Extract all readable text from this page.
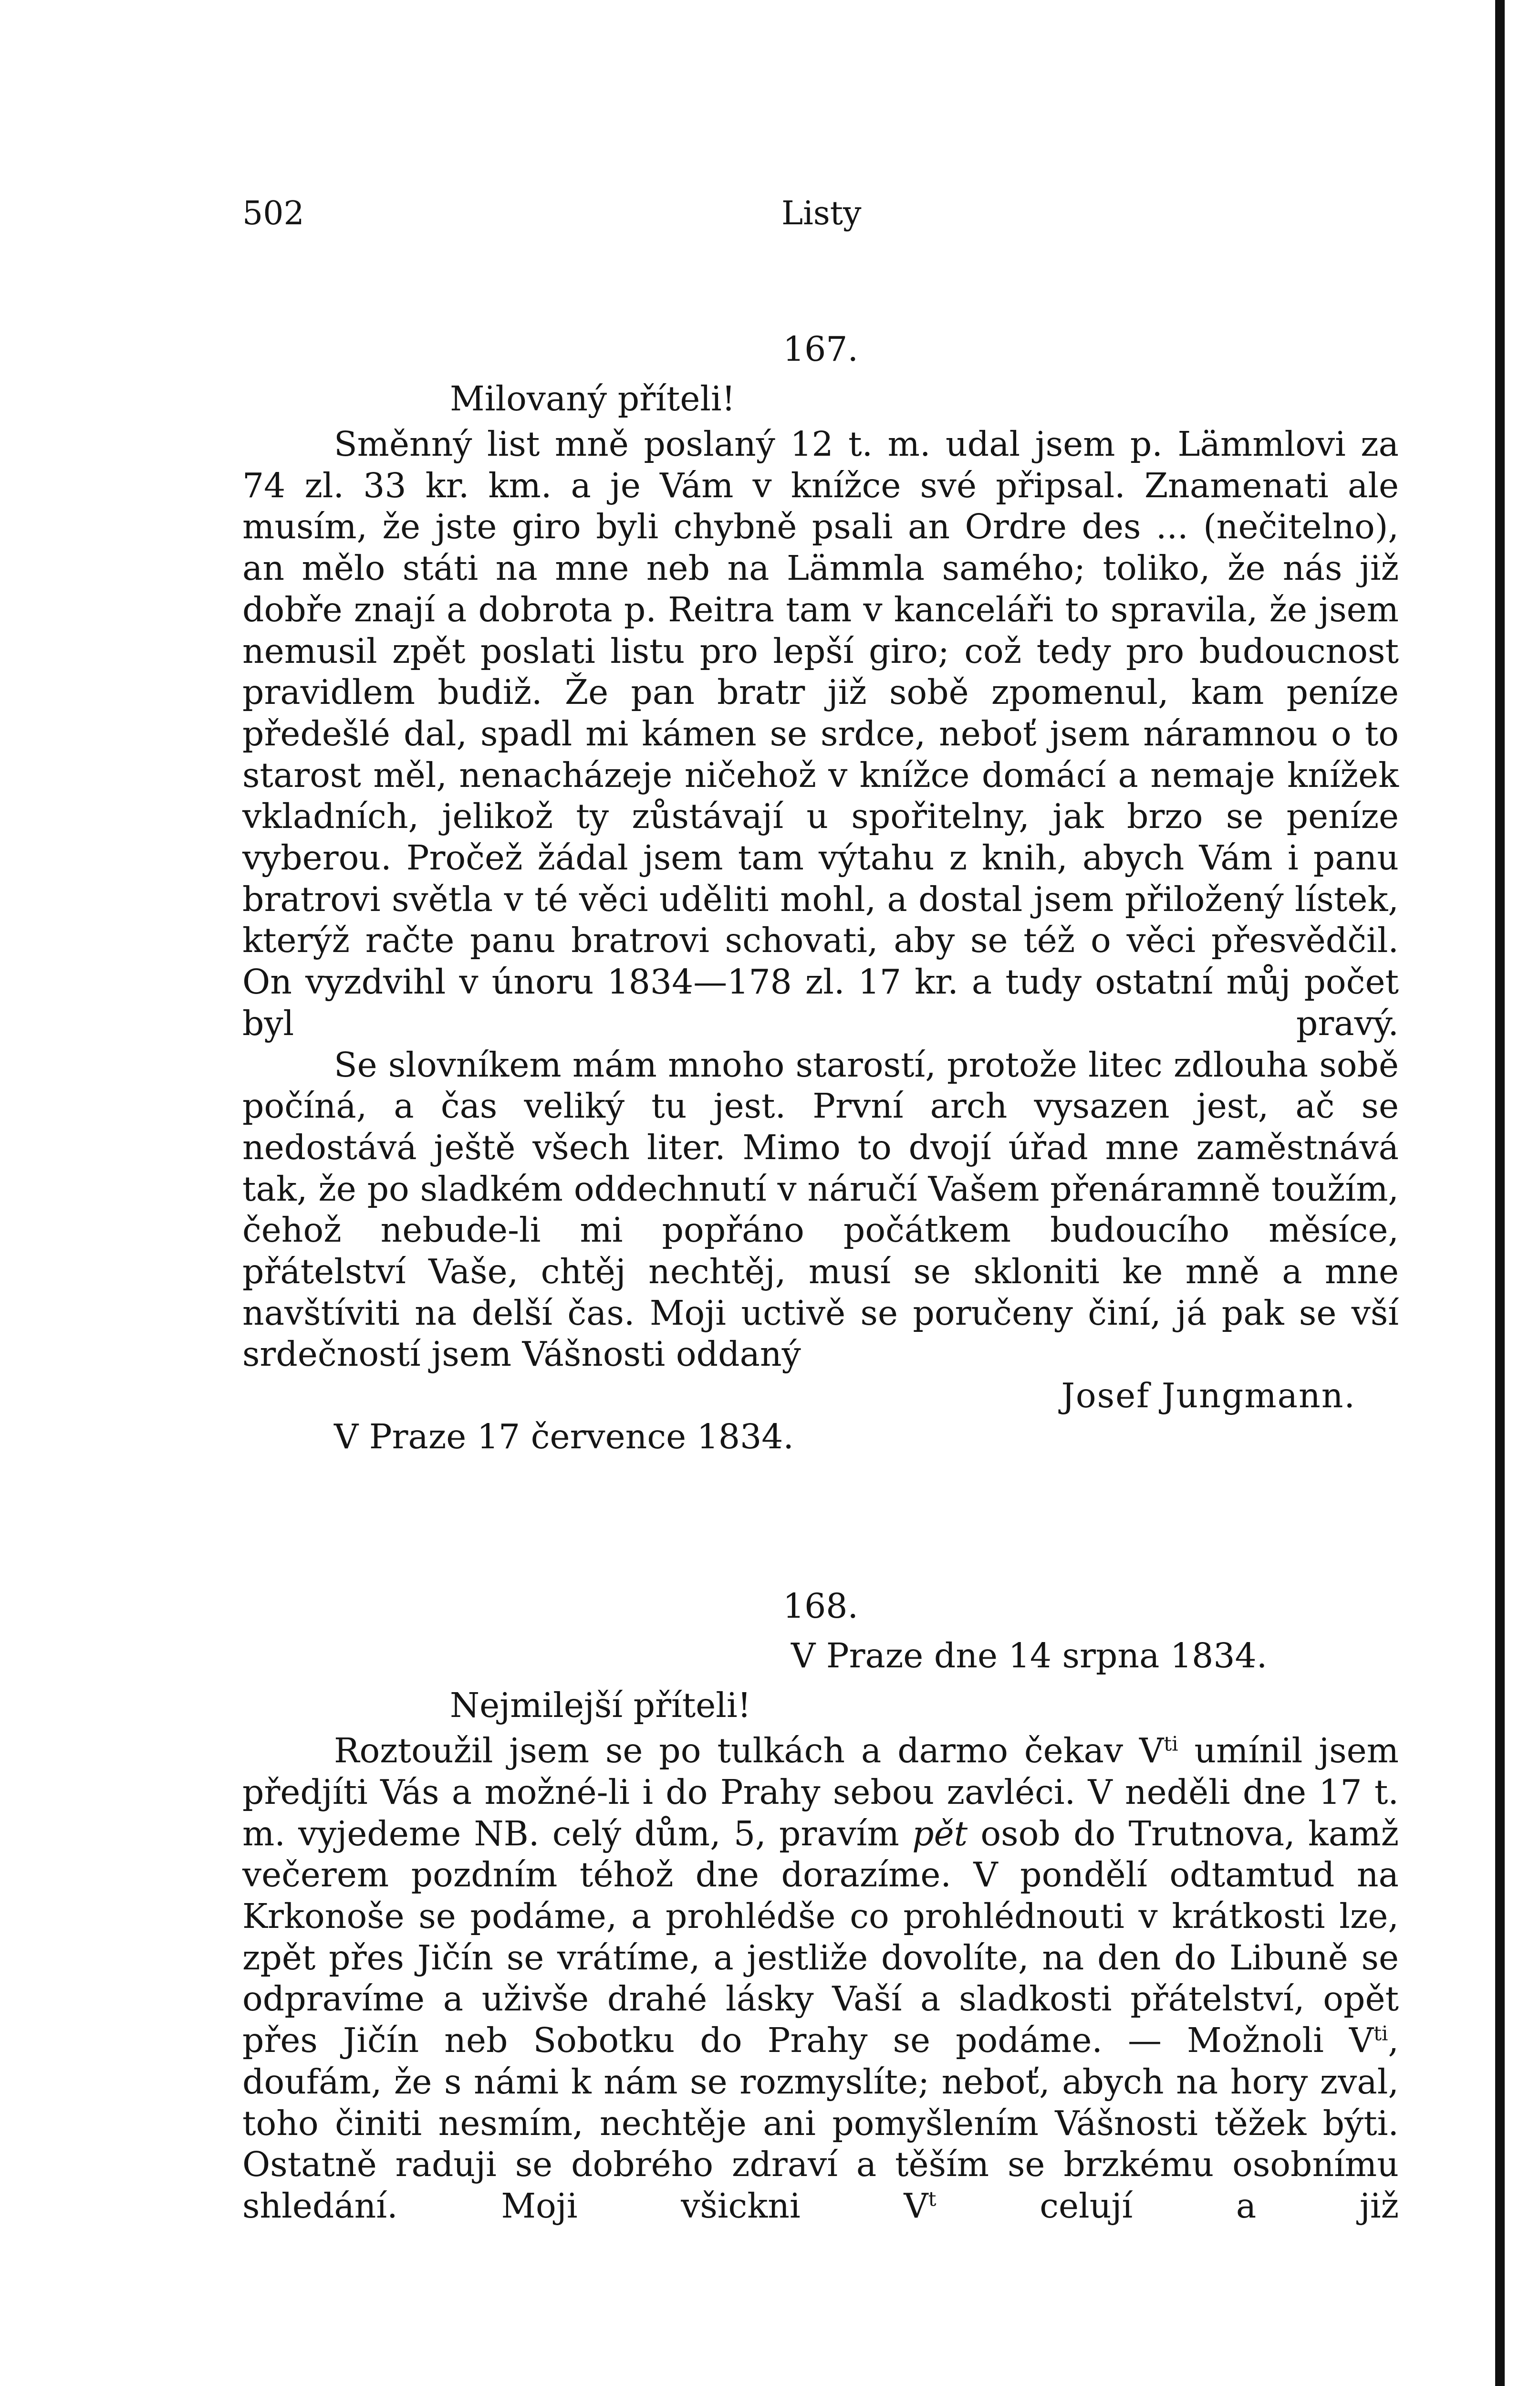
502	Listy

167.

Milovaný příteli!

Směnný list mně poslaný 12 t. m. udal jsem p. Lämmlovi za 74 zl. 33 kr. km. a je Vám v knížce své připsal. Znamenati ale musím, že jste giro byli chybně psali an Ordre des ... (nečitelno), an mělo státi na mne neb na Lämmla samého; toliko, že nás již dobře znají a dobrota p. Reitra tam v kanceláři to spravila, že jsem nemusil zpět poslati listu pro lepší giro; což tedy pro budoucnost pravidlem budiž. Že pan bratr již sobě zpomenul, kam peníze předešlé dal, spadl mi kámen se srdce, neboť jsem náramnou o to starost měl, nenacházeje ničehož v knížce domácí a nemaje knížek vkladních, jelikož ty zůstávají u spořitelny, jak brzo se peníze vyberou. Pročež žádal jsem tam výtahu z knih, abych Vám i panu bratrovi světla v té věci uděliti mohl, a dostal jsem přiložený lístek, kterýž račte panu bratrovi schovati, aby se též o věci přesvědčil. On vyzdvihl v únoru 1834—178 zl. 17 kr. a tudy ostatní můj počet byl pravý.

Se slovníkem mám mnoho starostí, protože litec zdlouha sobě počíná, a čas veliký tu jest. První arch vysazen jest, ač se nedostává ještě všech liter. Mimo to dvojí úřad mne zaměstnává tak, že po sladkém oddechnutí v náručí Vašem přenáramně toužím, čehož nebude-li mi popřáno počátkem budoucího měsíce, přátelství Vaše, chtěj nechtěj, musí se skloniti ke mně a mne navštíviti na delší čas. Moji uctivě se poručeny činí, já pak se vší srdečností jsem Vášnosti oddaný

Josef Jungmann.

V Praze 17 července 1834.

168.

V Praze dne 14 srpna 1834.

Nejmilejší příteli!

Roztoužil jsem se po tulkách a darmo čekav $V^{ti}$ umínil jsem předjíti Vás a možné-li i do Prahy sebou zavléci. V neděli dne 17 t. m. vyjedeme NB. celý dům, 5, pravím pět osob do Trutnova, kamž večerem pozdním téhož dne dorazíme. V pondělí odtamtud na Krkonoše se podáme, a prohlédše co prohlédnouti v krátkosti lze, zpět přes Jičín se vrátíme, a jestliže dovolíte, na den do Libuně se odpravíme a uživše drahé lásky Vaší a sladkosti přátelství, opět přes Jičín neb Sobotku do Prahy se podáme. — Možnoli $V^{ti}$, doufám, že s námi k nám se rozmyslíte; neboť, abych na hory zval, toho činiti nesmím, nechtěje ani pomyšlením Vášnosti těžek býti. Ostatně raduji se dobrého zdraví a těším se brzkému osobnímu shledání. Moji všickni $V^t$ celují a již
